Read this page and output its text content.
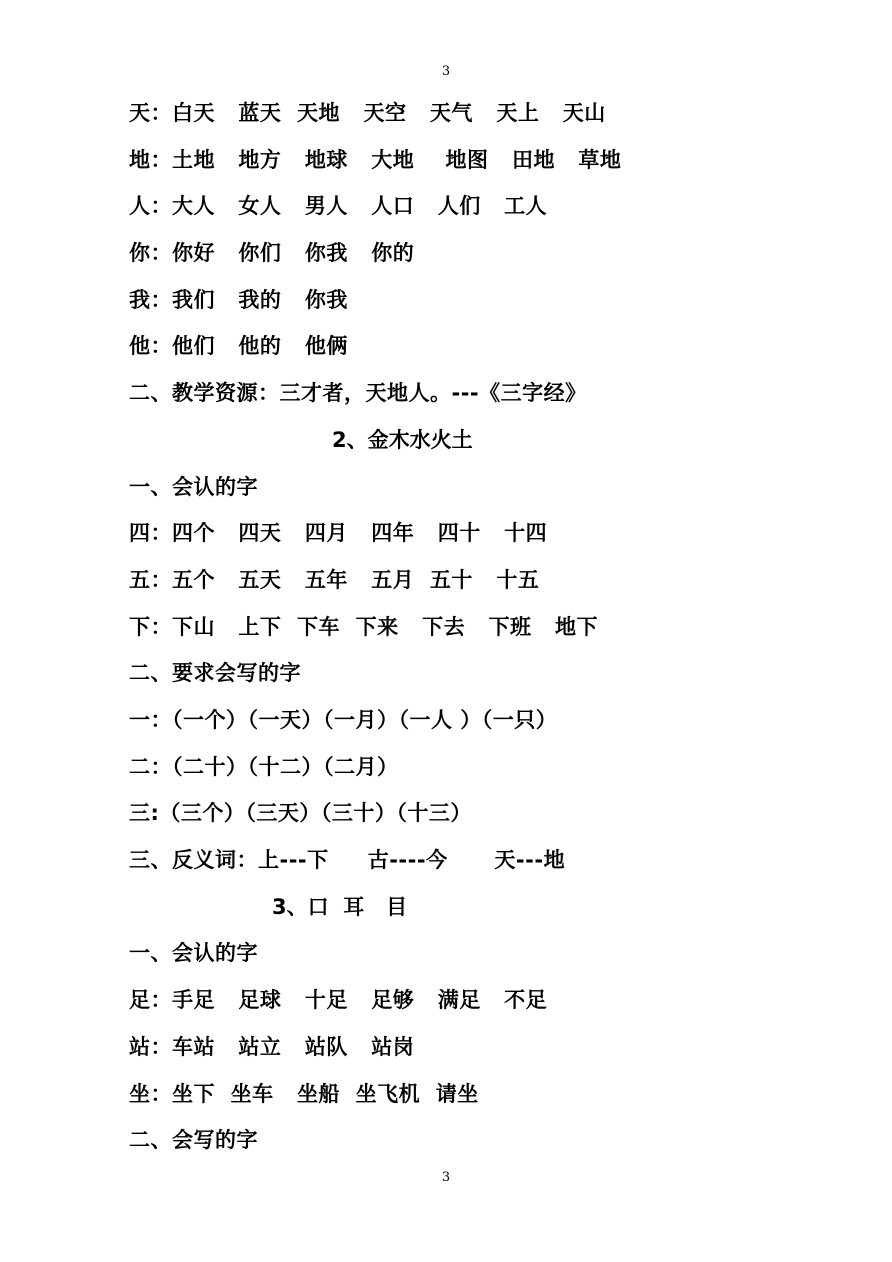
3
天：白天   蓝天  天地   天空   天气   天上   天山
地：土地   地方   地球   大地    地图   田地   草地
人：大人   女人   男人   人口   人们   工人
你：你好   你们   你我   你的
我：我们   我的   你我
他：他们   他的   他俩
二、教学资源：三才者，天地人。---《三字经》
2、金木水火土
一、会认的字
四：四个   四天   四月   四年   四十   十四
五：五个   五天   五年   五月  五十   十五
下：下山   上下  下车  下来   下去   下班   地下
二、要求会写的字
一：（一个）（一天）（一月）（一人 ）（一只）
二：（二十）（十二）（二月）
三:（三个）（三天）（三十）（十三）
三、反义词：上---下     古----今      天---地
3、口  耳   目
一、会认的字
足：手足   足球   十足   足够   满足   不足
站：车站   站立   站队   站岗
坐：坐下  坐车   坐船  坐飞机  请坐
二、会写的字
3
